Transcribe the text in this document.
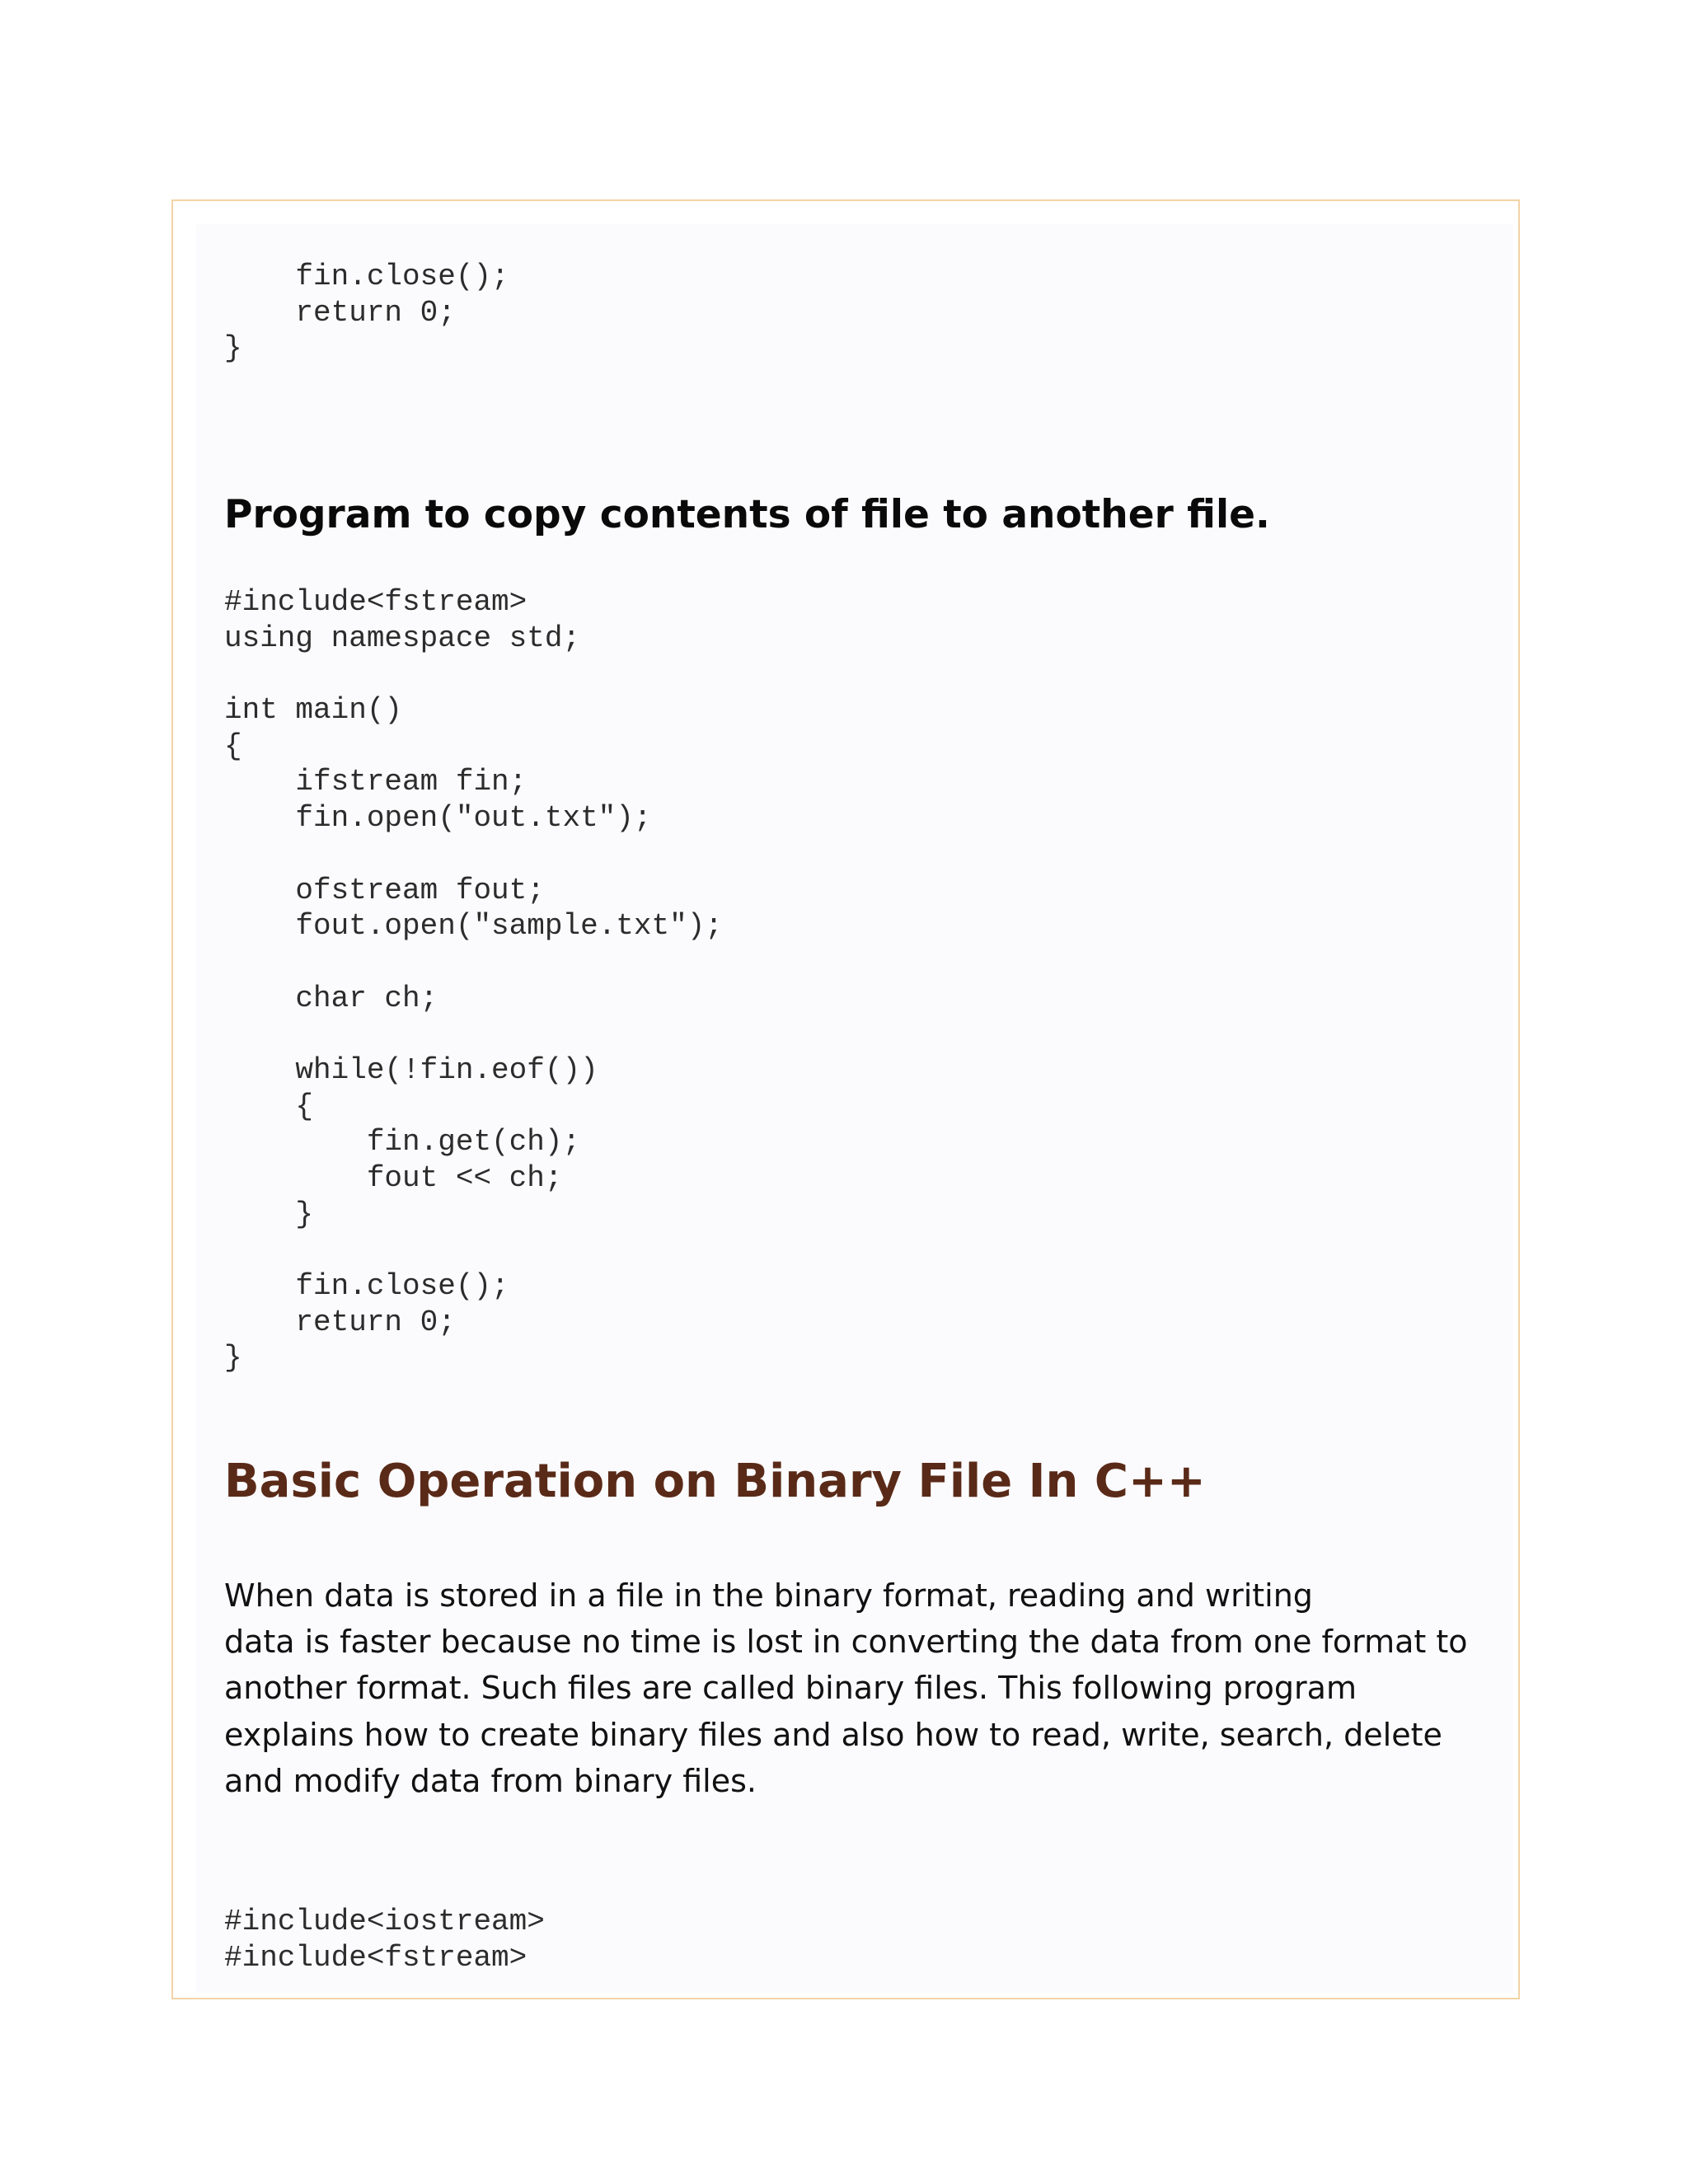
fin.close();
return 0;
}
Program to copy contents of file to another file.
#include<fstream>
using namespace std;
int main()
{
ifstream fin;
fin.open("out.txt");
ofstream fout;
fout.open("sample.txt");
char ch;
while(!fin.eof())
{
fin.get(ch);
fout << ch;
}
fin.close();
return 0;
}
Basic Operation on Binary File In C++

When data is stored in a file in the binary format, reading and writing
data is faster because no time is lost in converting the data from one format to
another format. Such files are called binary files. This following program
explains how to create binary files and also how to read, write, search, delete
and modify data from binary files.

#include<iostream>
#include<fstream>
